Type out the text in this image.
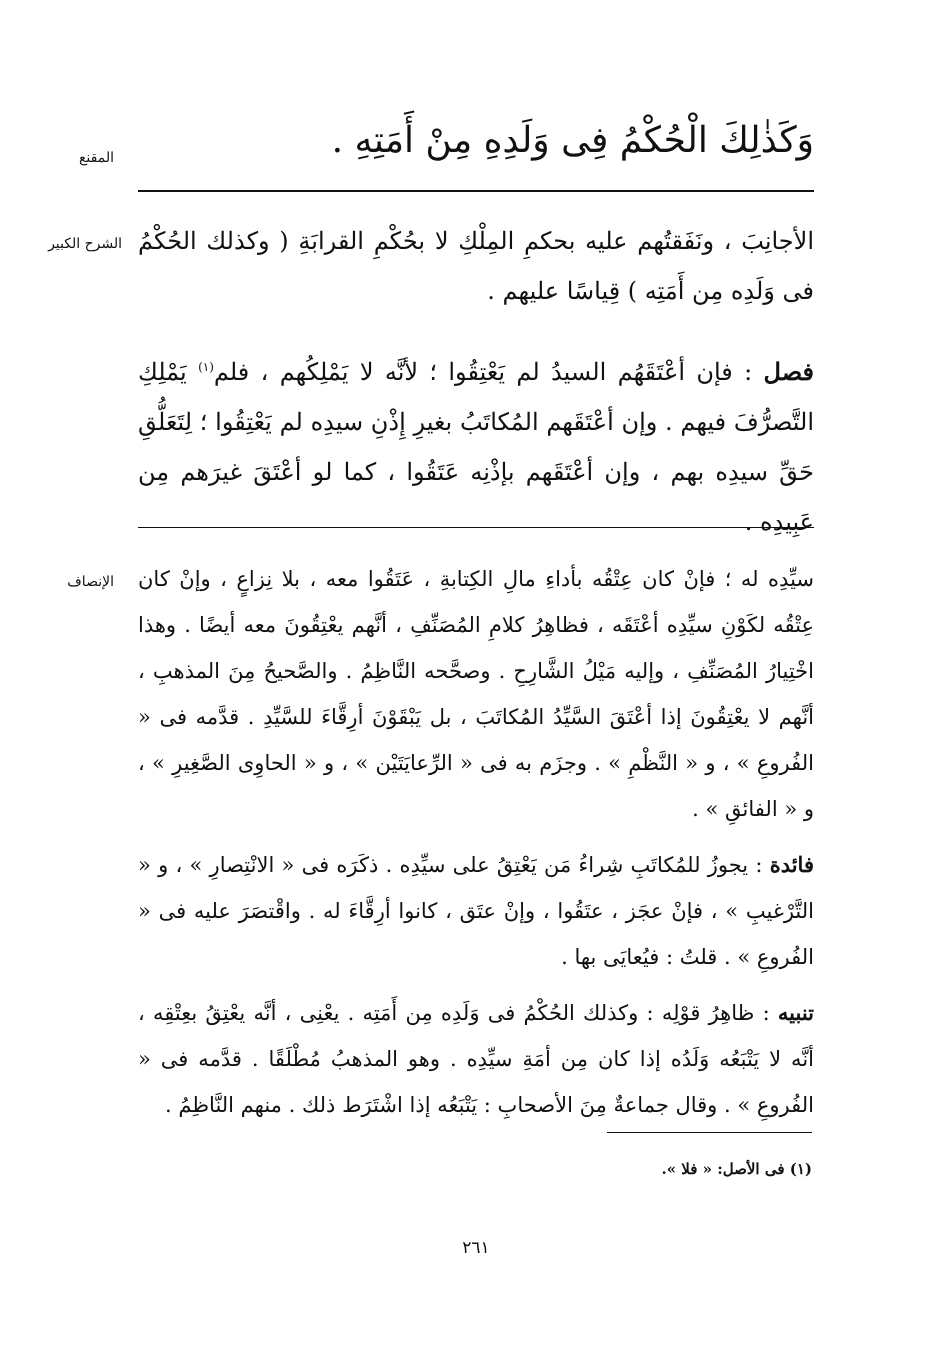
المقنع
الشرح الكبير
الإنصاف
وَكَذٰلِكَ الْحُكْمُ فِى وَلَدِهِ مِنْ أَمَتِهِ .

الأجانِبَ ، ونَفَقتُهم عليه بحكمِ المِلْكِ لا بحُكْمِ القرابَةِ ( وكذلك الحُكْمُ فى وَلَدِه مِن أَمَتِه ) قِياسًا عليهم .

فصل : فإن أعْتَقَهُم السيدُ لم يَعْتِقُوا ؛ لأنَّه لا يَمْلِكُهم ، فلم$^{(١)}$ يَمْلِكِ التَّصرُّفَ فيهم . وإن أعْتَقَهم المُكاتَبُ بغيرِ إِذْنِ سيدِه لم يَعْتِقُوا ؛ لِتَعَلُّقِ حَقِّ سيدِه بهم ، وإن أعْتَقَهم بإذْنِه عَتَقُوا ، كما لو أعْتَقَ غيرَهم مِن عَبِيدِه .

سيِّدِه له ؛ فإنْ كان عِتْقُه بأداءِ مالِ الكِتابةِ ، عَتَقُوا معه ، بلا نِزاعٍ ، وإنْ كان عِتْقُه لكَوْنِ سيِّدِه أعْتَقَه ، فظاهِرُ كلامِ المُصَنِّفِ ، أنَّهم يعْتِقُونَ معه أيضًا . وهذا اخْتِيارُ المُصَنِّفِ ، وإليه مَيْلُ الشَّارِحِ . وصحَّحه النَّاظِمُ . والصَّحيحُ مِنَ المذهبِ ، أنَّهم لا يعْتِقُونَ إذا أعْتَقَ السَّيِّدُ المُكاتَبَ ، بل يَبْقَوْنَ أرِقَّاءَ للسَّيِّدِ . قدَّمه فى « الفُروعِ » ، و « النَّظْمِ » . وجزَم به فى « الرِّعايَتَيْن » ، و « الحاوِى الصَّغِيرِ » ، و « الفائقِ » .

فائدة : يجوزُ للمُكاتَبِ شِراءُ مَن يَعْتِقُ على سيِّدِه . ذكَرَه فى « الانْتِصارِ » ، و « التَّرْغيبِ » ، فإنْ عجَز ، عتَقُوا ، وإنْ عتَق ، كانوا أرِقَّاءَ له . واقْتصَرَ عليه فى « الفُروعِ » . قلتُ : فيُعايَى بها .

تنبيه : ظاهِرُ قوْلِه : وكذلك الحُكْمُ فى وَلَدِه مِن أَمَتِه . يعْنِى ، أنَّه يعْتِقُ بعِتْقِه ، أنَّه لا يَتْبَعُه وَلَدُه إذا كان مِن أمَةِ سيِّدِه . وهو المذهبُ مُطْلَقًا . قدَّمه فى « الفُروعِ » . وقال جماعةٌ مِنَ الأصحابِ : يَتْبَعُه إذا اشْتَرَط ذلك . منهم النَّاظِمُ .

(١) فى الأصل: « فلا ».
٢٦١
